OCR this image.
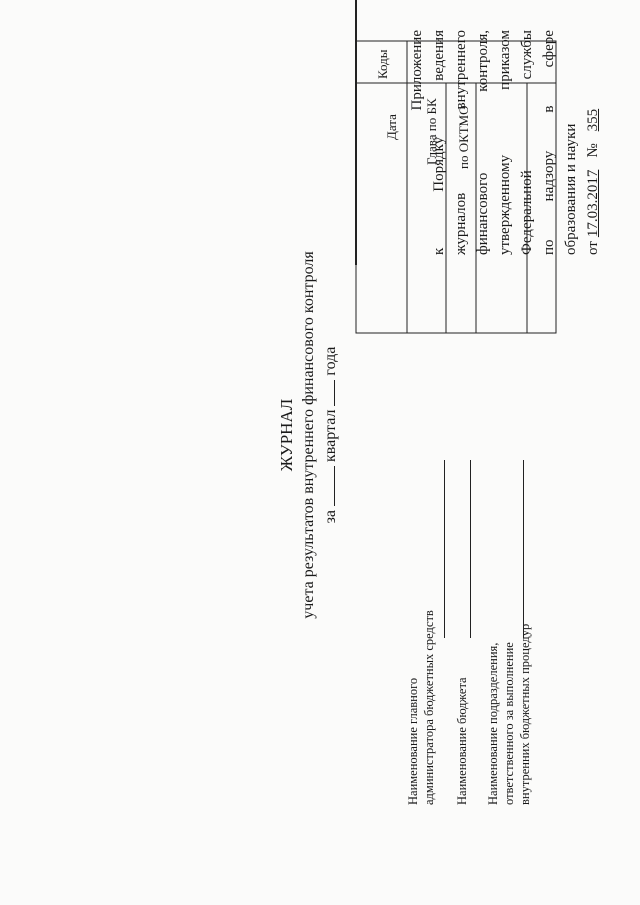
Приложение
к
Порядку
ведения
журналов
внутреннего
финансового
контроля,
утвержденному
приказом
Федеральной
службы
по
надзору
в
сфере
образования и науки от
17.03.2017
№
355
ЖУРНАЛ учета результатов внутреннего финансового контроля за  квартал  года
Коды
Дата Глава по БК по ОКТМО
Наименование главного администратора бюджетных средств Наименование бюджета Наименование подразделения, ответственного за выполнение внутренних бюджетных процедур
